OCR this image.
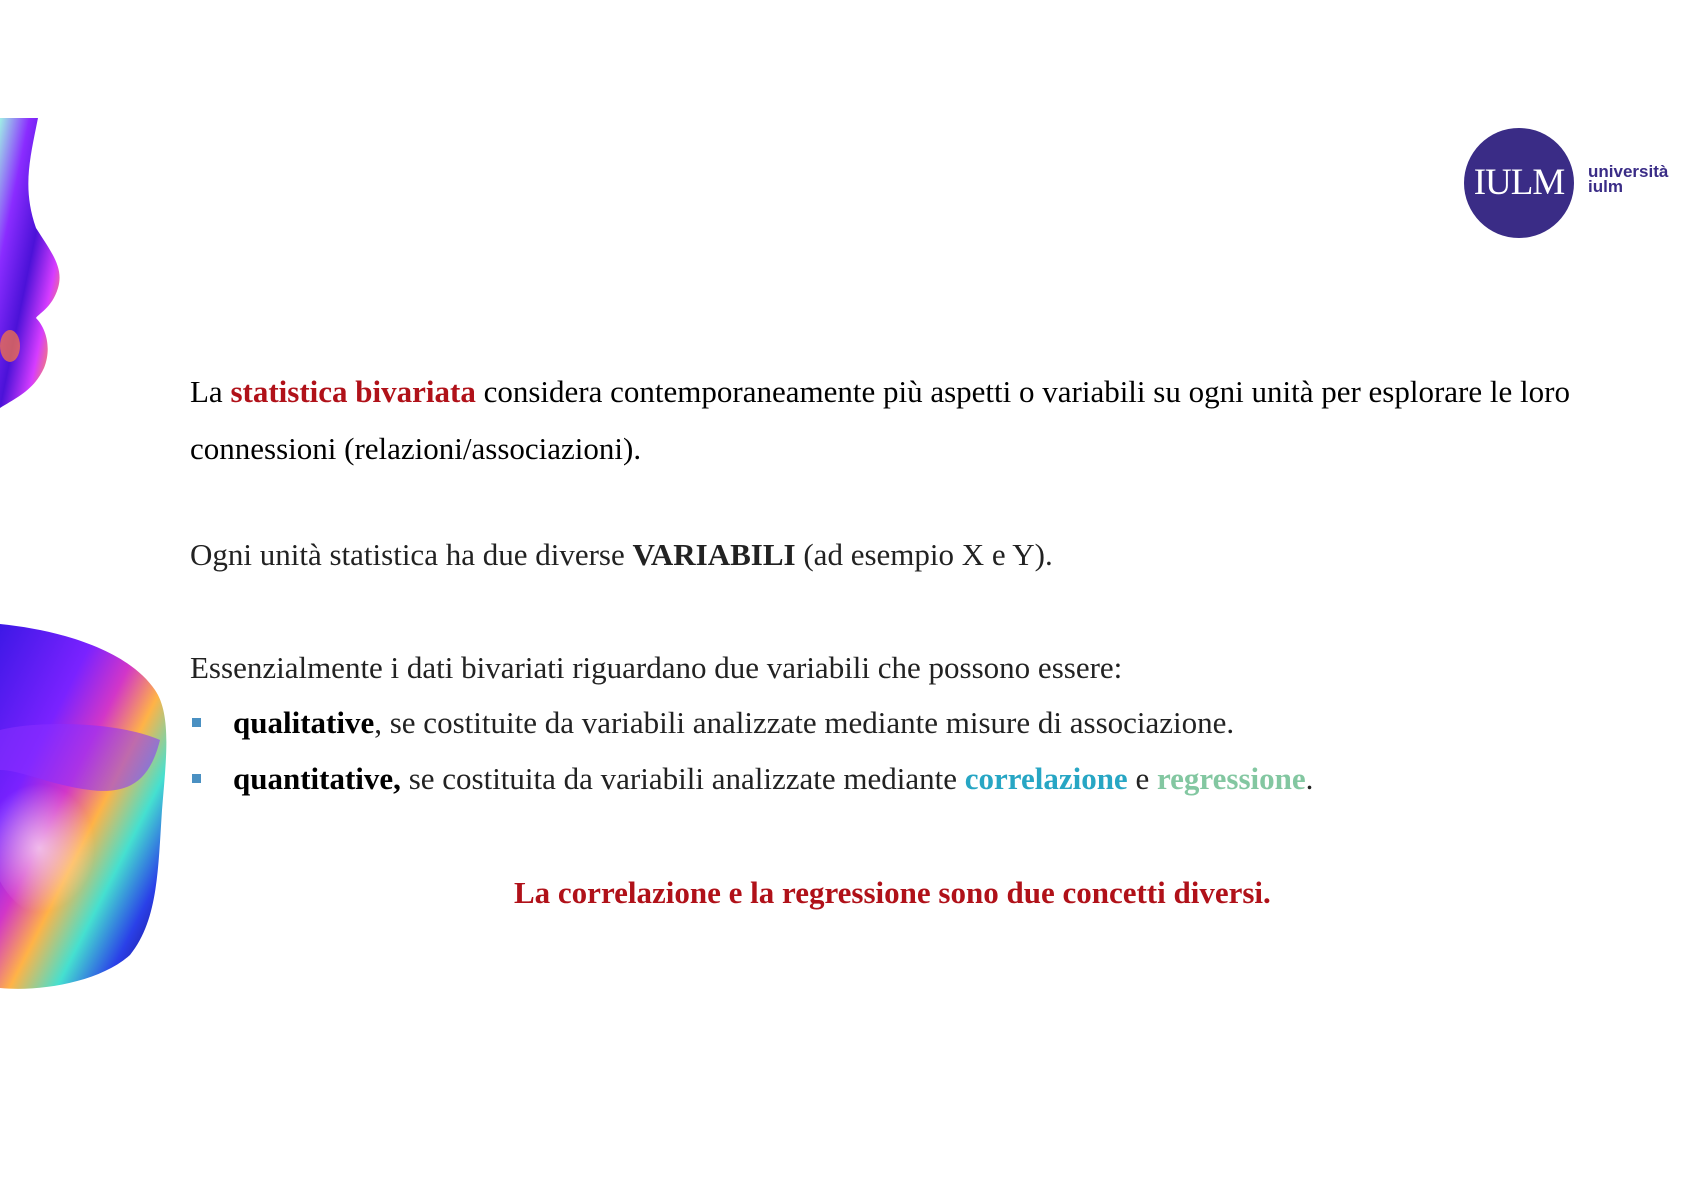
IULM	università
iulm

La statistica bivariata considera contemporaneamente più aspetti o variabili su ogni unità per esplorare le loro connessioni (relazioni/associazioni).

Ogni unità statistica ha due diverse VARIABILI (ad esempio X e Y).

Essenzialmente i dati bivariati riguardano due variabili che possono essere:

qualitative, se costituite da variabili analizzate mediante misure di associazione.
quantitative, se costituita da variabili analizzate mediante correlazione e regressione.

La correlazione e la regressione sono due concetti diversi.
